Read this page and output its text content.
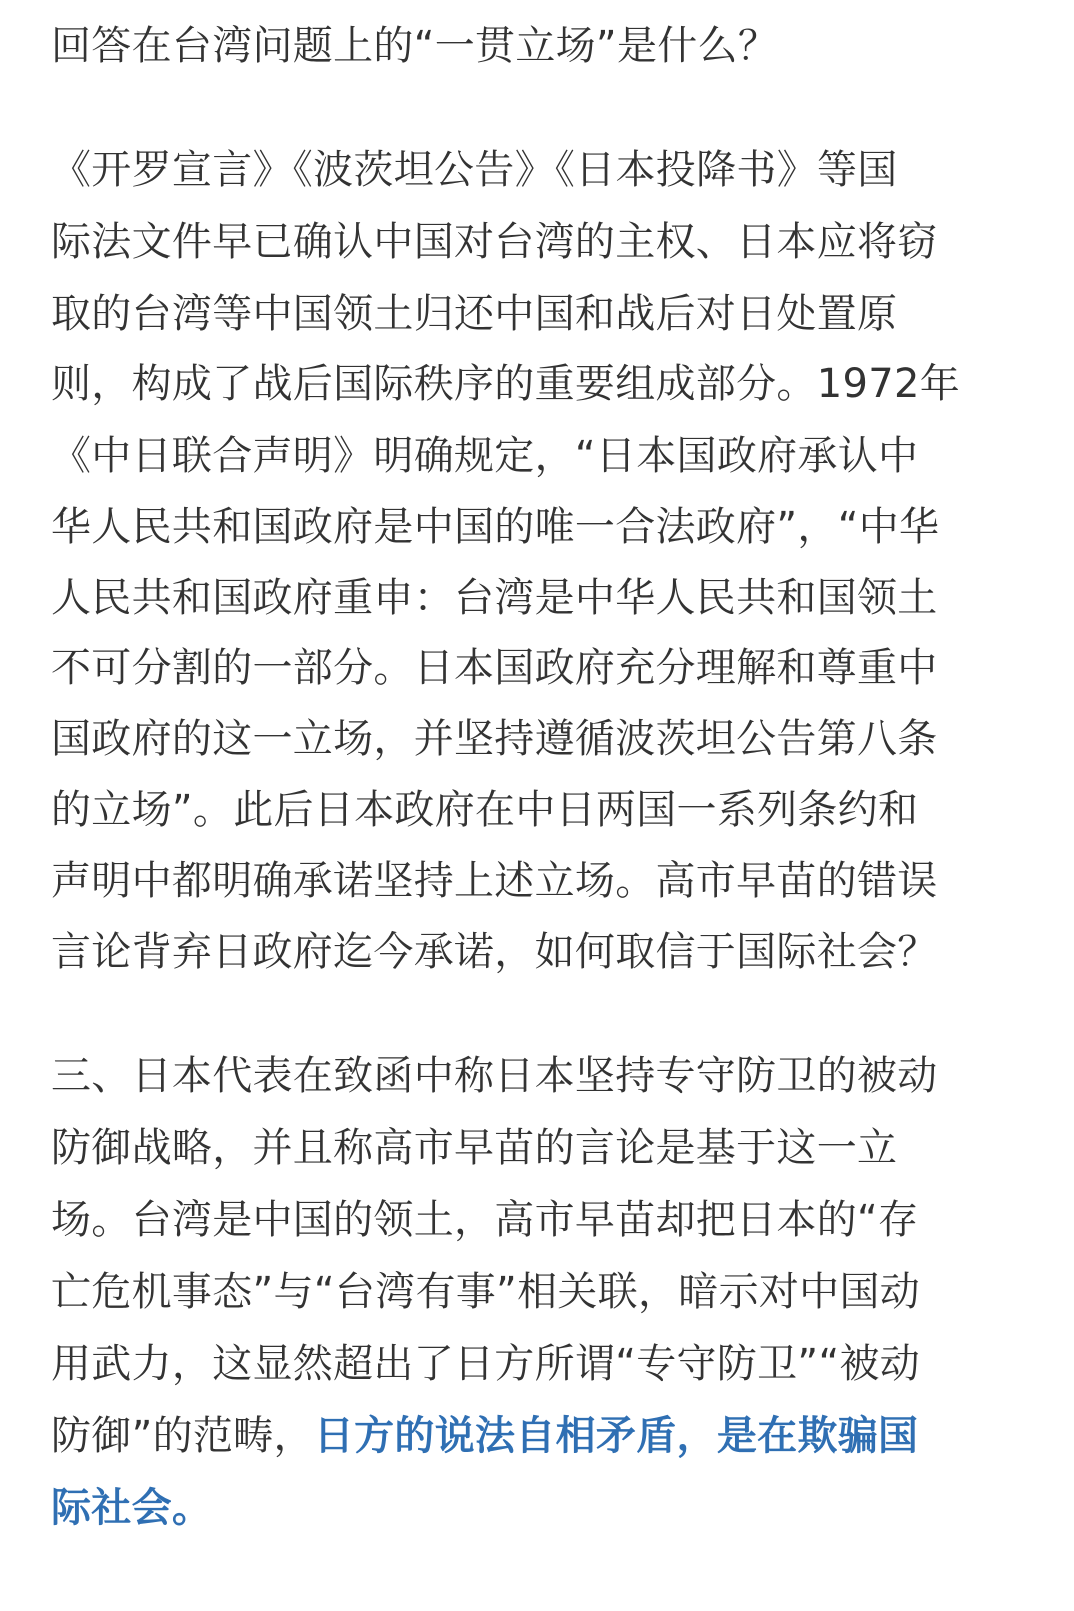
回答在台湾问题上的“一贯立场”是什么？
《开罗宣言》《波茨坦公告》《日本投降书》等国
际法文件早已确认中国对台湾的主权、日本应将窃
取的台湾等中国领土归还中国和战后对日处置原
则，构成了战后国际秩序的重要组成部分。1972年
《中日联合声明》明确规定，“日本国政府承认中
华人民共和国政府是中国的唯一合法政府”，“中华
人民共和国政府重申：台湾是中华人民共和国领土
不可分割的一部分。日本国政府充分理解和尊重中
国政府的这一立场，并坚持遵循波茨坦公告第八条
的立场”。此后日本政府在中日两国一系列条约和
声明中都明确承诺坚持上述立场。高市早苗的错误
言论背弃日政府迄今承诺，如何取信于国际社会？
三、日本代表在致函中称日本坚持专守防卫的被动
防御战略，并且称高市早苗的言论是基于这一立
场。台湾是中国的领土，高市早苗却把日本的“存
亡危机事态”与“台湾有事”相关联，暗示对中国动
用武力，这显然超出了日方所谓“专守防卫”“被动
防御”的范畴，日方的说法自相矛盾，是在欺骗国
际社会。
